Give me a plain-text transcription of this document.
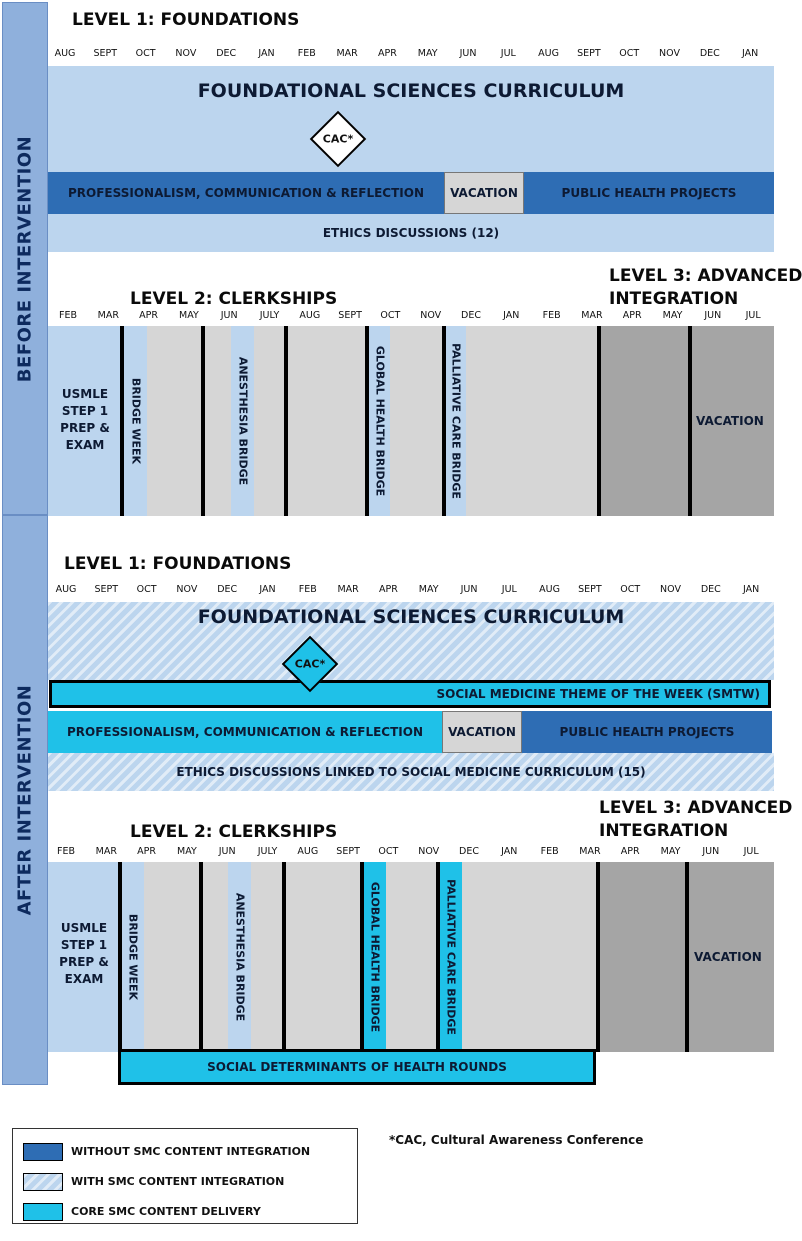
BEFORE INTERVENTION
LEVEL 1: FOUNDATIONS
AUG SEPT OCT NOV DEC JAN FEB MAR APR MAY JUN	JUL AUG SEPT OCT NOV DEC JAN
FOUNDATIONAL SCIENCES CURRICULUM
CAC*
PROFESSIONALISM, COMMUNICATION & REFLECTION	VACATION	PUBLIC HEALTH PROJECTS
ETHICS DISCUSSIONS (12)
LEVEL 2: CLERKSHIPS
LEVEL 3: ADVANCED
INTEGRATION
FEB MAR APR MAY JUN JULY AUG SEPT OCT NOV DEC JAN FEB MAR APR MAY JUN	JUL
USMLE
STEP 1
PREP &
EXAM	BRIDGE WEEK	ANESTHESIA BRIDGE	GLOBAL HEALTH BRIDGE	PALLIATIVE CARE BRIDGE	VACATION
AFTER INTERVENTION
LEVEL 1: FOUNDATIONS
AUG SEPT OCT NOV DEC JAN FEB MAR APR MAY JUN	JUL AUG SEPT OCT NOV DEC JAN
FOUNDATIONAL SCIENCES CURRICULUM
SOCIAL MEDICINE THEME OF THE WEEK (SMTW)
CAC*
PROFESSIONALISM, COMMUNICATION & REFLECTION	VACATION	PUBLIC HEALTH PROJECTS
ETHICS DISCUSSIONS LINKED TO SOCIAL MEDICINE CURRICULUM (15)
LEVEL 2: CLERKSHIPS
LEVEL 3: ADVANCED
INTEGRATION
FEB MAR APR MAY JUN JULY AUG SEPT OCT NOV DEC JAN FEB MAR APR MAY JUN	JUL
USMLE
STEP 1
PREP &
EXAM	BRIDGE WEEK	ANESTHESIA BRIDGE	GLOBAL HEALTH BRIDGE	PALLIATIVE CARE BRIDGE	VACATION
SOCIAL DETERMINANTS OF HEALTH ROUNDS
WITHOUT SMC CONTENT INTEGRATION
WITH SMC CONTENT INTEGRATION
CORE SMC CONTENT DELIVERY
*CAC, Cultural Awareness Conference
